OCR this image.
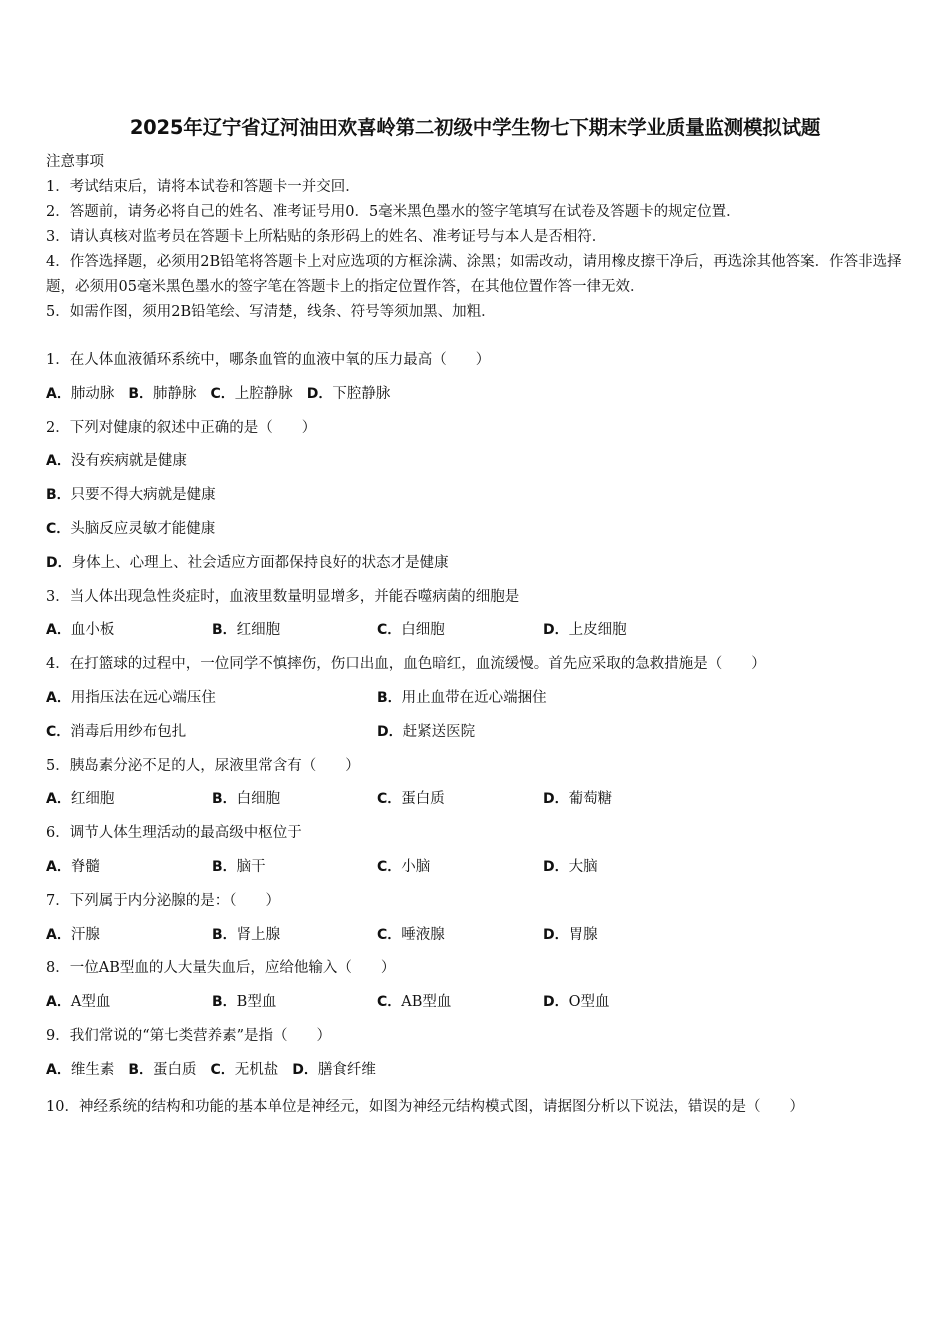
2025年辽宁省辽河油田欢喜岭第二初级中学生物七下期末学业质量监测模拟试题
注意事项
1．考试结束后，请将本试卷和答题卡一并交回．
2．答题前，请务必将自己的姓名、准考证号用0．5毫米黑色墨水的签字笔填写在试卷及答题卡的规定位置．
3．请认真核对监考员在答题卡上所粘贴的条形码上的姓名、准考证号与本人是否相符．
4．作答选择题，必须用2B铅笔将答题卡上对应选项的方框涂满、涂黑；如需改动，请用橡皮擦干净后，再选涂其他答案．作答非选择题，必须用05毫米黑色墨水的签字笔在答题卡上的指定位置作答，在其他位置作答一律无效．
5．如需作图，须用2B铅笔绘、写清楚，线条、符号等须加黑、加粗．
1．在人体血液循环系统中，哪条血管的血液中氧的压力最高（　　）
A．肺动脉 B．肺静脉 C．上腔静脉 D．下腔静脉
2．下列对健康的叙述中正确的是（　　）
A．没有疾病就是健康
B．只要不得大病就是健康
C．头脑反应灵敏才能健康
D．身体上、心理上、社会适应方面都保持良好的状态才是健康
3．当人体出现急性炎症时，血液里数量明显增多，并能吞噬病菌的细胞是
A．血小板	B．红细胞	C．白细胞	D．上皮细胞
4．在打篮球的过程中，一位同学不慎摔伤，伤口出血，血色暗红，血流缓慢。首先应采取的急救措施是（　　）
A．用指压法在远心端压住	B．用止血带在近心端捆住
C．消毒后用纱布包扎	D．赶紧送医院
5．胰岛素分泌不足的人，尿液里常含有（　　）
A．红细胞	B．白细胞	C．蛋白质	D．葡萄糖
6．调节人体生理活动的最高级中枢位于
A．脊髓	B．脑干	C．小脑	D．大脑
7．下列属于内分泌腺的是：（　　）
A．汗腺	B．肾上腺	C．唾液腺	D．胃腺
8．一位AB型血的人大量失血后，应给他输入（　　）
A．A型血	B．B型血	C．AB型血	D．O型血
9．我们常说的“第七类营养素”是指（　　）
A．维生素 B．蛋白质 C．无机盐 D．膳食纤维
10．神经系统的结构和功能的基本单位是神经元，如图为神经元结构模式图，请据图分析以下说法，错误的是（　　）
